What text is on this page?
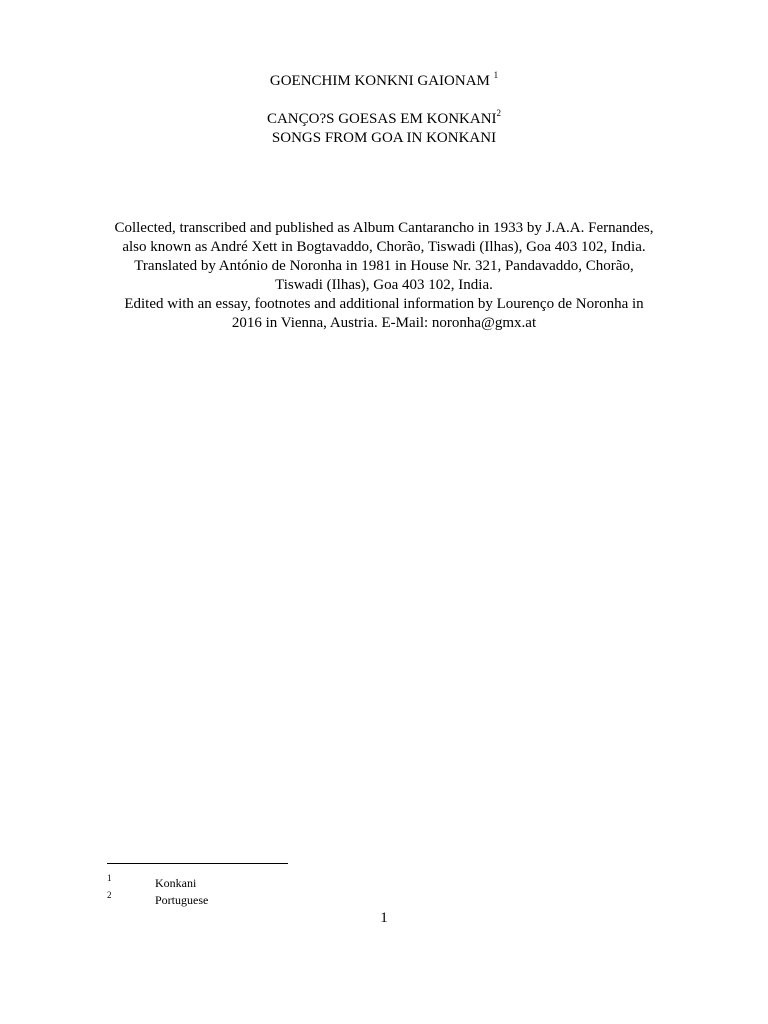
GOENCHIM KONKNI GAIONAM $^1$
CANÇO?S GOESAS EM KONKANI$^2$
SONGS FROM GOA IN KONKANI
Collected, transcribed and published as Album Cantarancho in 1933 by J.A.A. Fernandes,
also known as André Xett in Bogtavaddo, Chorão, Tiswadi (Ilhas), Goa 403 102, India.
Translated by António de Noronha in 1981 in House Nr. 321, Pandavaddo, Chorão,
Tiswadi (Ilhas), Goa 403 102, India.
Edited with an essay, footnotes and additional information by Lourenço de Noronha in
2016 in Vienna, Austria. E-Mail: noronha@gmx.at
1	Konkani
2	Portuguese
1
